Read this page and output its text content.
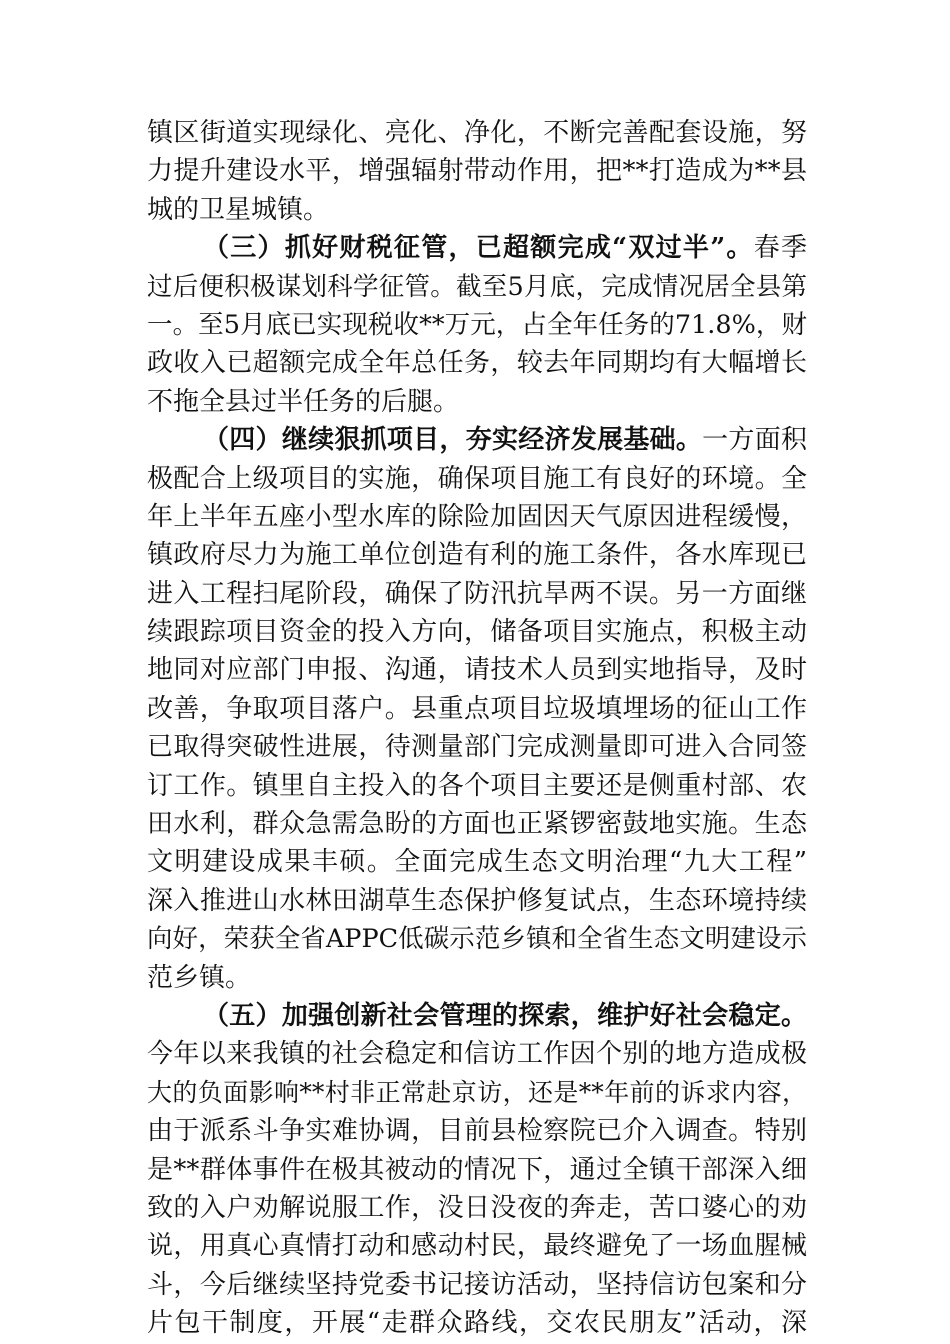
镇区街道实现绿化、亮化、净化，不断完善配套设施，努
力提升建设水平，增强辐射带动作用，把**打造成为**县
城的卫星城镇。
（三）抓好财税征管，已超额完成“双过半”。春季
过后便积极谋划科学征管。截至5月底，完成情况居全县第
一。至5月底已实现税收**万元，占全年任务的71.8%，财
政收入已超额完成全年总任务，较去年同期均有大幅增长
不拖全县过半任务的后腿。
（四）继续狠抓项目，夯实经济发展基础。一方面积
极配合上级项目的实施，确保项目施工有良好的环境。全
年上半年五座小型水库的除险加固因天气原因进程缓慢，
镇政府尽力为施工单位创造有利的施工条件，各水库现已
进入工程扫尾阶段，确保了防汛抗旱两不误。另一方面继
续跟踪项目资金的投入方向，储备项目实施点，积极主动
地同对应部门申报、沟通，请技术人员到实地指导，及时
改善，争取项目落户。县重点项目垃圾填埋场的征山工作
已取得突破性进展，待测量部门完成测量即可进入合同签
订工作。镇里自主投入的各个项目主要还是侧重村部、农
田水利，群众急需急盼的方面也正紧锣密鼓地实施。生态
文明建设成果丰硕。全面完成生态文明治理“九大工程”
深入推进山水林田湖草生态保护修复试点，生态环境持续
向好，荣获全省APPC低碳示范乡镇和全省生态文明建设示
范乡镇。
（五）加强创新社会管理的探索，维护好社会稳定。
今年以来我镇的社会稳定和信访工作因个别的地方造成极
大的负面影响**村非正常赴京访，还是**年前的诉求内容，
由于派系斗争实难协调，目前县检察院已介入调查。特别
是**群体事件在极其被动的情况下，通过全镇干部深入细
致的入户劝解说服工作，没日没夜的奔走，苦口婆心的劝
说，用真心真情打动和感动村民，最终避免了一场血腥械
斗，今后继续坚持党委书记接访活动，坚持信访包案和分
片包干制度，开展“走群众路线，交农民朋友”活动，深
